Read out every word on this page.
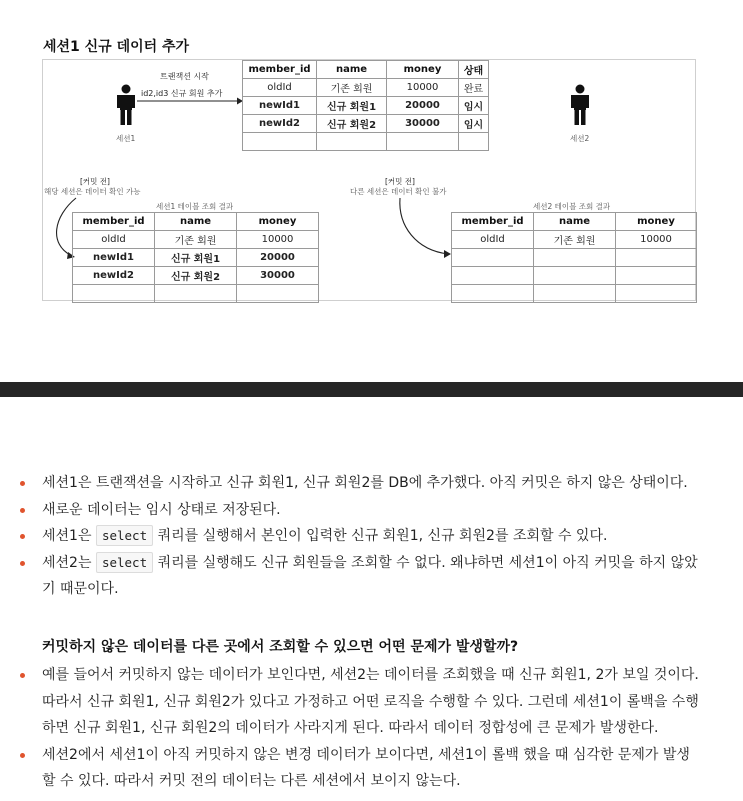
세션1 신규 데이터 추가
세션1	세션2
트랜잭션 시작
id2,id3 신규 회원 추가
member_id	name	money	상태
oldId	기존 회원	10000	완료
newId1	신규 회원1	20000	임시
newId2	신규 회원2	30000	임시

[커밋 전]
해당 세션은 데이터 확인 가능
[커밋 전]
다른 세션은 데이터 확인 불가
세션1 테이블 조회 결과	세션2 테이블 조회 결과
member_id	name	money
oldId	기존 회원	10000
newId1	신규 회원1	20000
newId2	신규 회원2	30000

member_id	name	money
oldId	기존 회원	10000

세션1은 트랜잭션을 시작하고 신규 회원1, 신규 회원2를 DB에 추가했다. 아직 커밋은 하지 않은 상태이다.
새로운 데이터는 임시 상태로 저장된다.
세션1은 select 쿼리를 실행해서 본인이 입력한 신규 회원1, 신규 회원2를 조회할 수 있다.
세션2는 select 쿼리를 실행해도 신규 회원들을 조회할 수 없다. 왜냐하면 세션1이 아직 커밋을 하지 않았기 때문이다.
커밋하지 않은 데이터를 다른 곳에서 조회할 수 있으면 어떤 문제가 발생할까?
예를 들어서 커밋하지 않는 데이터가 보인다면, 세션2는 데이터를 조회했을 때 신규 회원1, 2가 보일 것이다. 따라서 신규 회원1, 신규 회원2가 있다고 가정하고 어떤 로직을 수행할 수 있다. 그런데 세션1이 롤백을 수행하면 신규 회원1, 신규 회원2의 데이터가 사라지게 된다. 따라서 데이터 정합성에 큰 문제가 발생한다.
세션2에서 세션1이 아직 커밋하지 않은 변경 데이터가 보이다면, 세션1이 롤백 했을 때 심각한 문제가 발생할 수 있다. 따라서 커밋 전의 데이터는 다른 세션에서 보이지 않는다.
